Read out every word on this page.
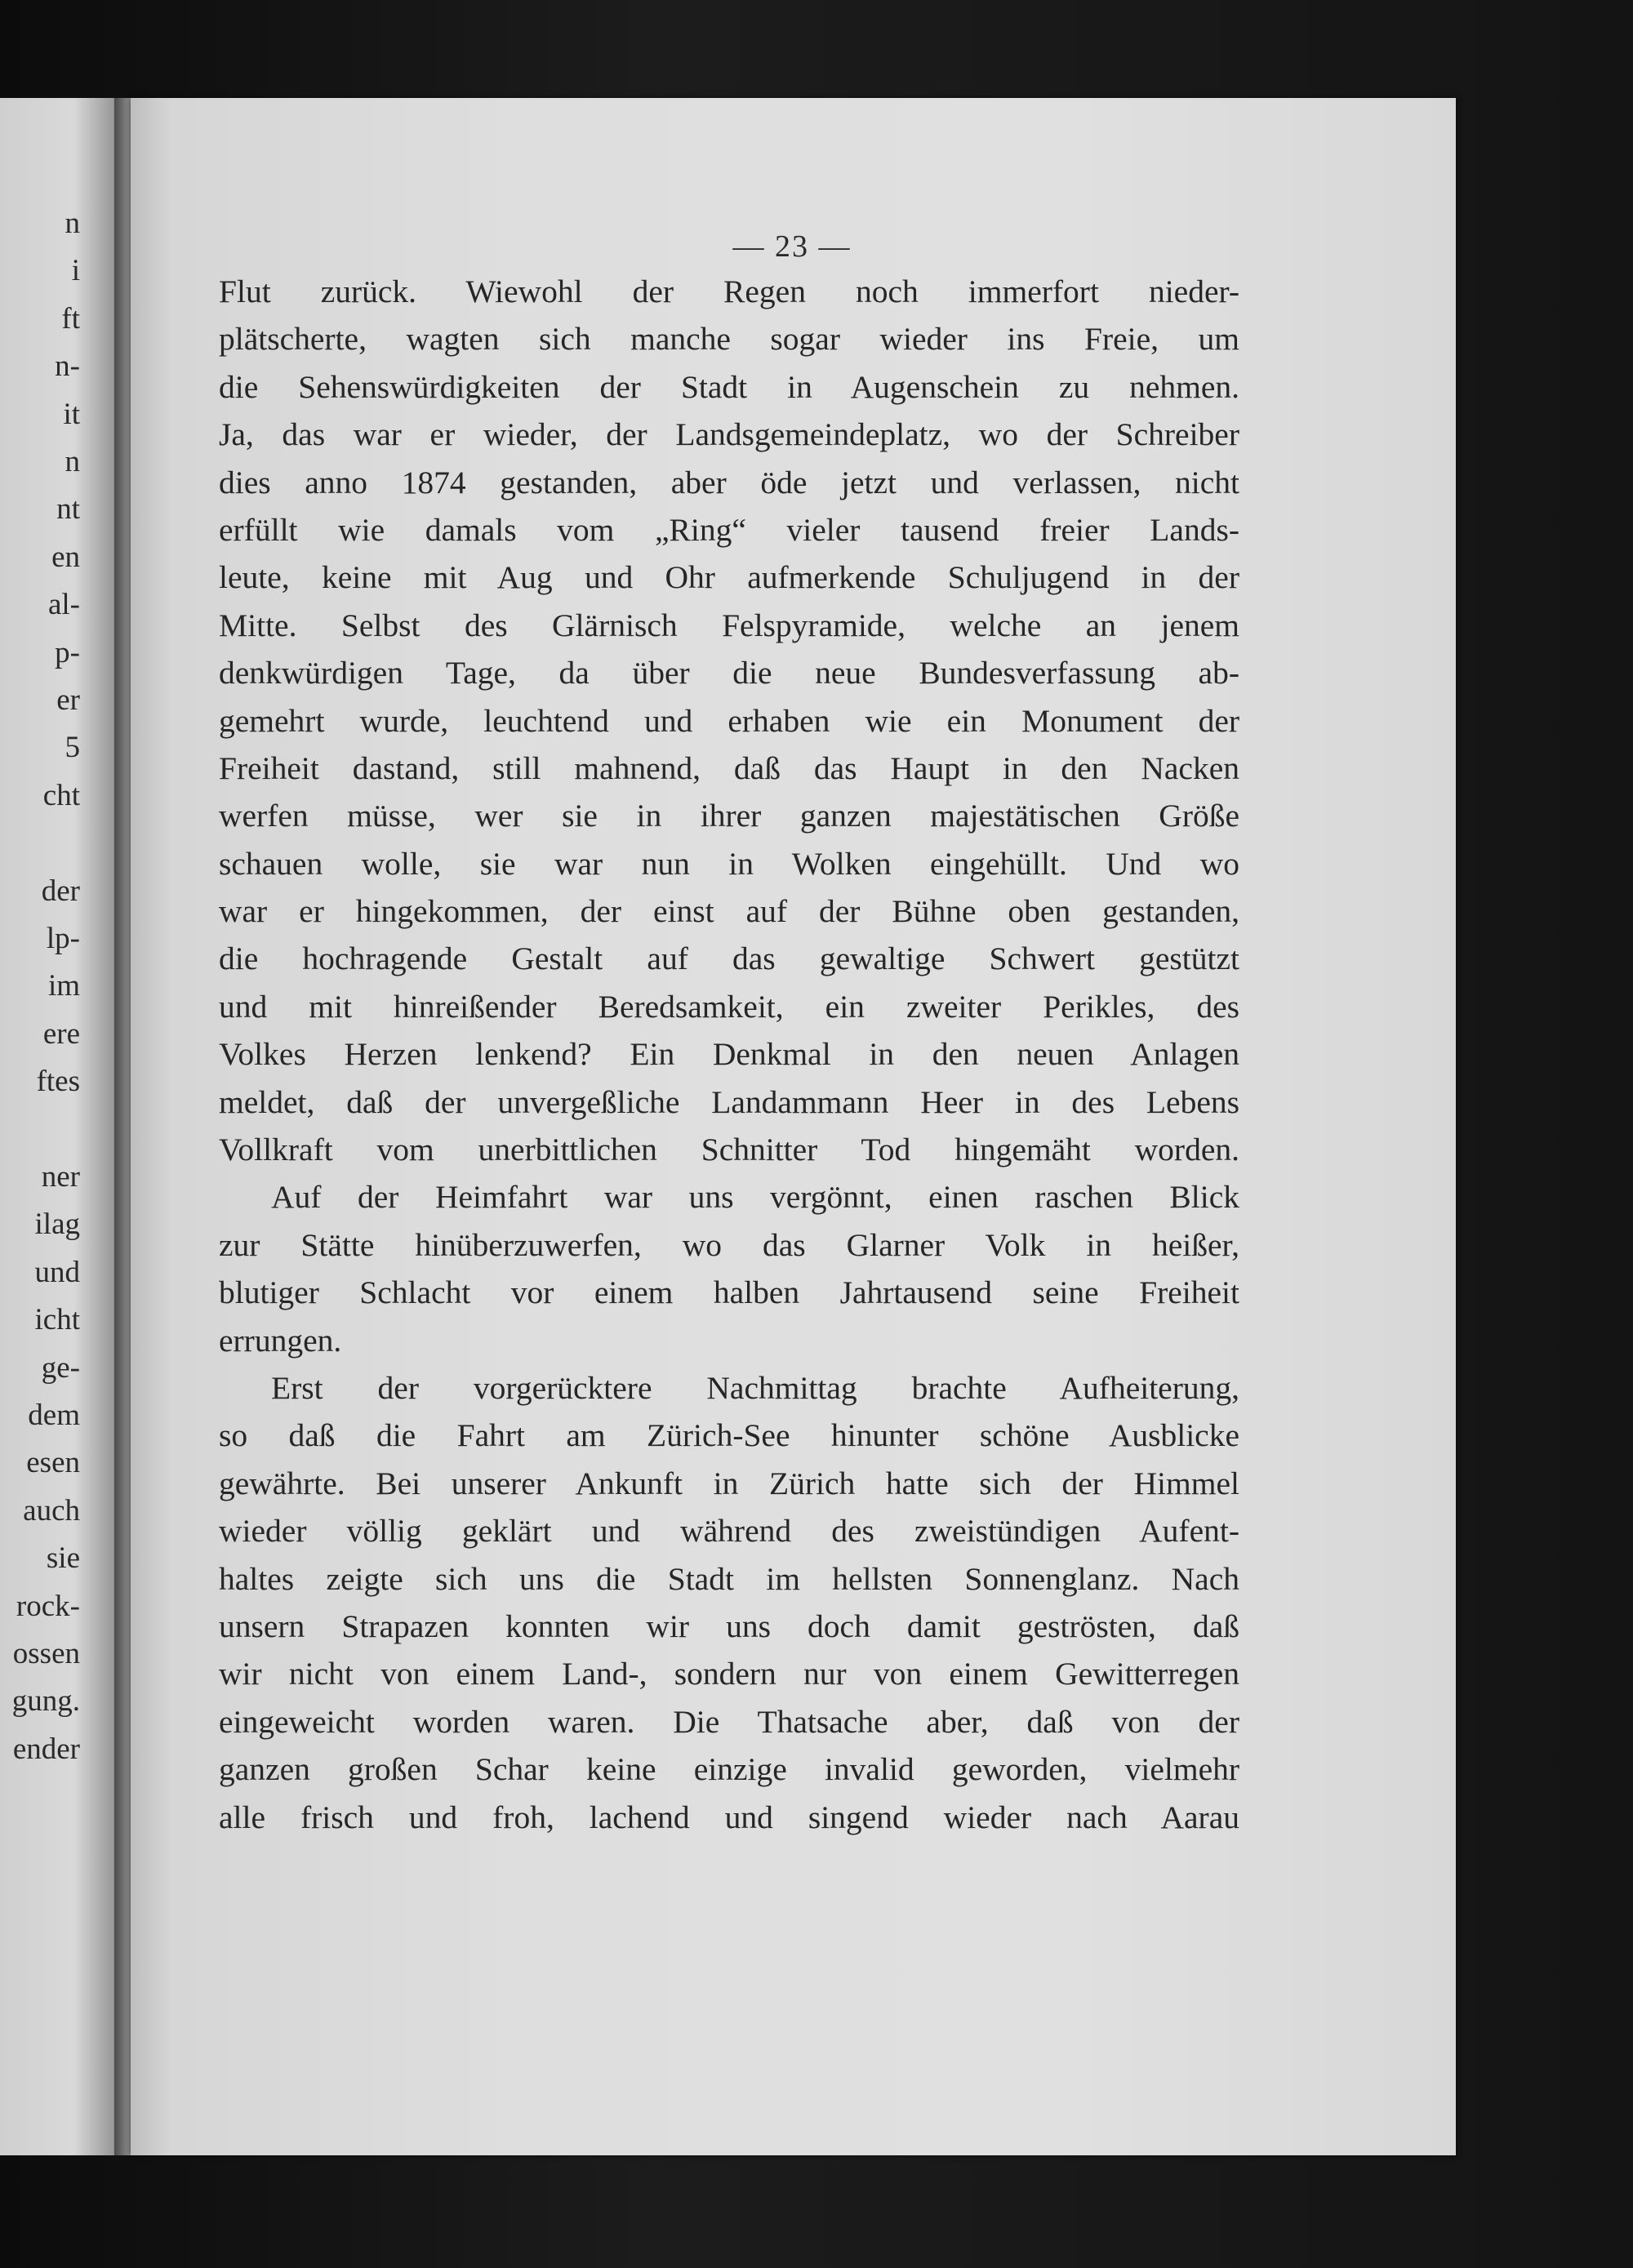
n
i
ft
n-
it
n
nt
en
al-
p-
er
5
cht
der
lp-
im
ere
ftes
ner
ilag
und
icht
ge-
dem
esen
auch
sie
rock-
ossen
gung.
ender
— 23 —
Flut zurück. Wiewohl der Regen noch immerfort nieder-
plätscherte, wagten sich manche sogar wieder ins Freie, um
die Sehenswürdigkeiten der Stadt in Augenschein zu nehmen.
Ja, das war er wieder, der Landsgemeindeplatz, wo der Schreiber
dies anno 1874 gestanden, aber öde jetzt und verlassen, nicht
erfüllt wie damals vom „Ring“ vieler tausend freier Lands-
leute, keine mit Aug und Ohr aufmerkende Schuljugend in der
Mitte. Selbst des Glärnisch Felspyramide, welche an jenem
denkwürdigen Tage, da über die neue Bundesverfassung ab-
gemehrt wurde, leuchtend und erhaben wie ein Monument der
Freiheit dastand, still mahnend, daß das Haupt in den Nacken
werfen müsse, wer sie in ihrer ganzen majestätischen Größe
schauen wolle, sie war nun in Wolken eingehüllt. Und wo
war er hingekommen, der einst auf der Bühne oben gestanden,
die hochragende Gestalt auf das gewaltige Schwert gestützt
und mit hinreißender Beredsamkeit, ein zweiter Perikles, des
Volkes Herzen lenkend? Ein Denkmal in den neuen Anlagen
meldet, daß der unvergeßliche Landammann Heer in des Lebens
Vollkraft vom unerbittlichen Schnitter Tod hingemäht worden.
Auf der Heimfahrt war uns vergönnt, einen raschen Blick
zur Stätte hinüberzuwerfen, wo das Glarner Volk in heißer,
blutiger Schlacht vor einem halben Jahrtausend seine Freiheit
errungen.
Erst der vorgerücktere Nachmittag brachte Aufheiterung,
so daß die Fahrt am Zürich-See hinunter schöne Ausblicke
gewährte. Bei unserer Ankunft in Zürich hatte sich der Himmel
wieder völlig geklärt und während des zweistündigen Aufent-
haltes zeigte sich uns die Stadt im hellsten Sonnenglanz. Nach
unsern Strapazen konnten wir uns doch damit geströsten, daß
wir nicht von einem Land-, sondern nur von einem Gewitterregen
eingeweicht worden waren. Die Thatsache aber, daß von der
ganzen großen Schar keine einzige invalid geworden, vielmehr
alle frisch und froh, lachend und singend wieder nach Aarau
